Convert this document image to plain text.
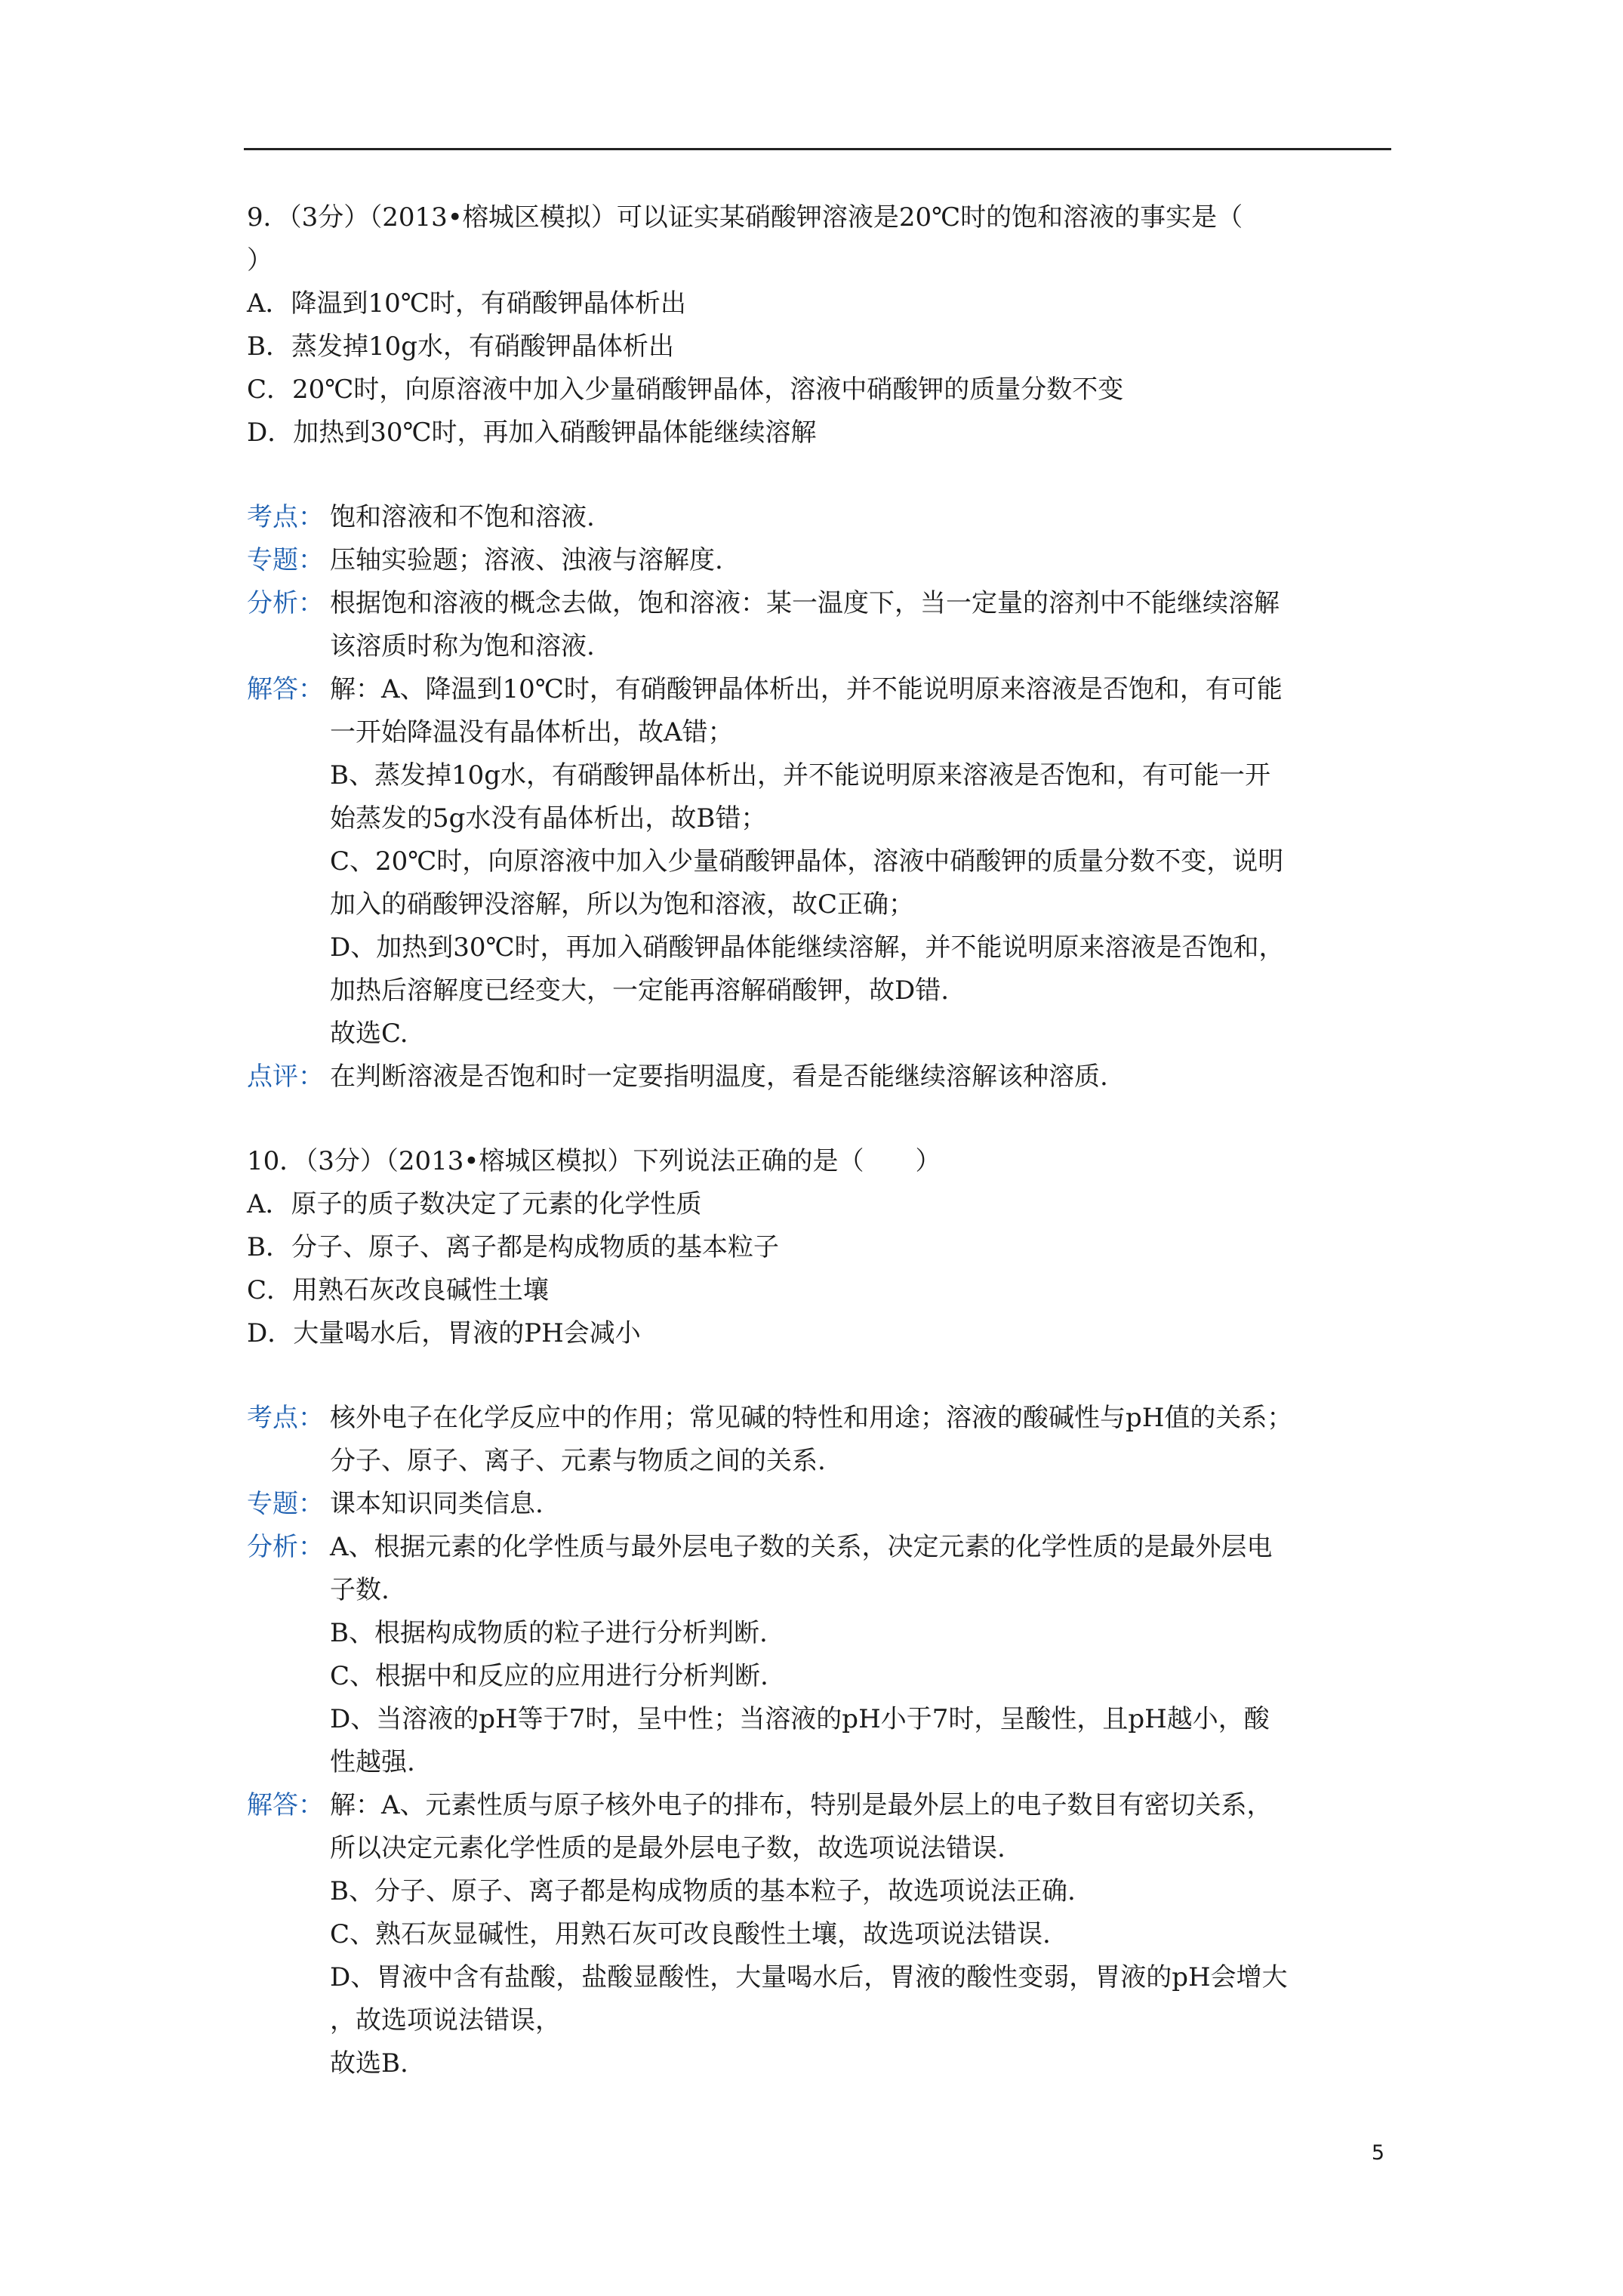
9．（3分）（2013•榕城区模拟）可以证实某硝酸钾溶液是20℃时的饱和溶液的事实是（
）
A．降温到10℃时，有硝酸钾晶体析出
B．蒸发掉10g水，有硝酸钾晶体析出
C．20℃时，向原溶液中加入少量硝酸钾晶体，溶液中硝酸钾的质量分数不变
D．加热到30℃时，再加入硝酸钾晶体能继续溶解
考点： 饱和溶液和不饱和溶液.
专题： 压轴实验题；溶液、浊液与溶解度.
分析： 根据饱和溶液的概念去做，饱和溶液：某一温度下，当一定量的溶剂中不能继续溶解
该溶质时称为饱和溶液.
解答： 解：A、降温到10℃时，有硝酸钾晶体析出，并不能说明原来溶液是否饱和，有可能
一开始降温没有晶体析出，故A错；
B、蒸发掉10g水，有硝酸钾晶体析出，并不能说明原来溶液是否饱和，有可能一开
始蒸发的5g水没有晶体析出，故B错；
C、20℃时，向原溶液中加入少量硝酸钾晶体，溶液中硝酸钾的质量分数不变，说明
加入的硝酸钾没溶解，所以为饱和溶液，故C正确；
D、加热到30℃时，再加入硝酸钾晶体能继续溶解，并不能说明原来溶液是否饱和，
加热后溶解度已经变大，一定能再溶解硝酸钾，故D错.
故选C.
点评： 在判断溶液是否饱和时一定要指明温度，看是否能继续溶解该种溶质.
10．（3分）（2013•榕城区模拟）下列说法正确的是（　　）
A．原子的质子数决定了元素的化学性质
B．分子、原子、离子都是构成物质的基本粒子
C．用熟石灰改良碱性土壤
D．大量喝水后，胃液的PH会减小
考点： 核外电子在化学反应中的作用；常见碱的特性和用途；溶液的酸碱性与pH值的关系；
分子、原子、离子、元素与物质之间的关系.
专题： 课本知识同类信息.
分析： A、根据元素的化学性质与最外层电子数的关系，决定元素的化学性质的是最外层电
子数.
B、根据构成物质的粒子进行分析判断.
C、根据中和反应的应用进行分析判断.
D、当溶液的pH等于7时，呈中性；当溶液的pH小于7时，呈酸性，且pH越小，酸
性越强.
解答： 解：A、元素性质与原子核外电子的排布，特别是最外层上的电子数目有密切关系，
所以决定元素化学性质的是最外层电子数，故选项说法错误.
B、分子、原子、离子都是构成物质的基本粒子，故选项说法正确.
C、熟石灰显碱性，用熟石灰可改良酸性土壤，故选项说法错误.
D、胃液中含有盐酸，盐酸显酸性，大量喝水后，胃液的酸性变弱，胃液的pH会增大
，故选项说法错误，
故选B.
5
